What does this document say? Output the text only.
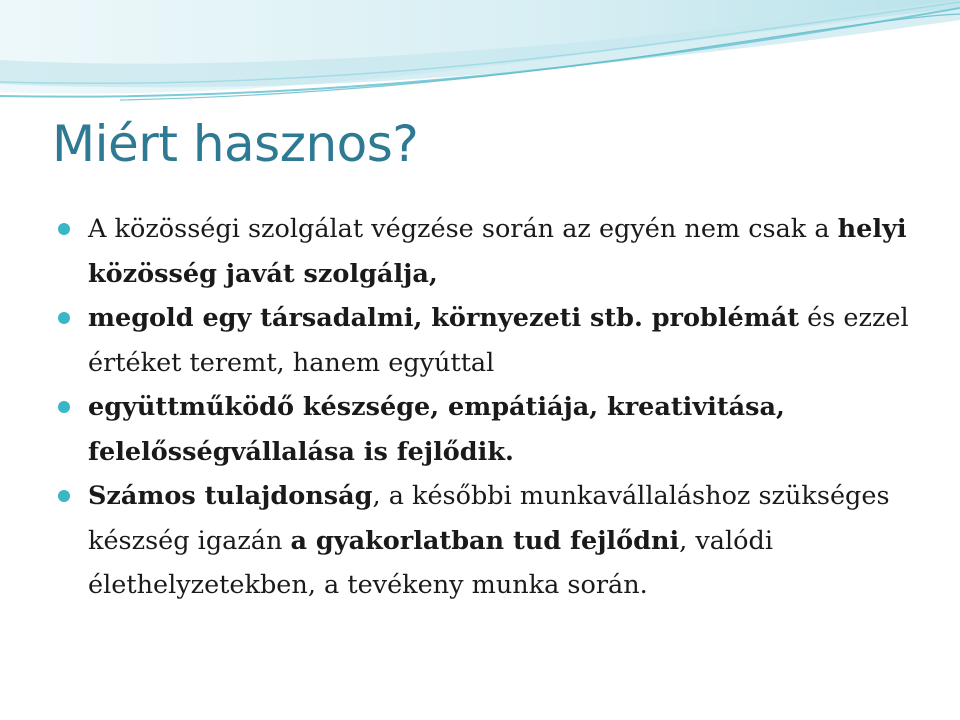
Miért hasznos?
A közösségi szolgálat végzése során az egyén nem csak a helyi közösség javát szolgálja,
megold egy társadalmi, környezeti stb. problémát és ezzel értéket teremt, hanem egyúttal
együttműködő készsége, empátiája, kreativitása, felelősségvállalása is fejlődik.
Számos tulajdonság, a későbbi munkavállaláshoz szükséges készség igazán a gyakorlatban tud fejlődni, valódi élethelyzetekben, a tevékeny munka során.
